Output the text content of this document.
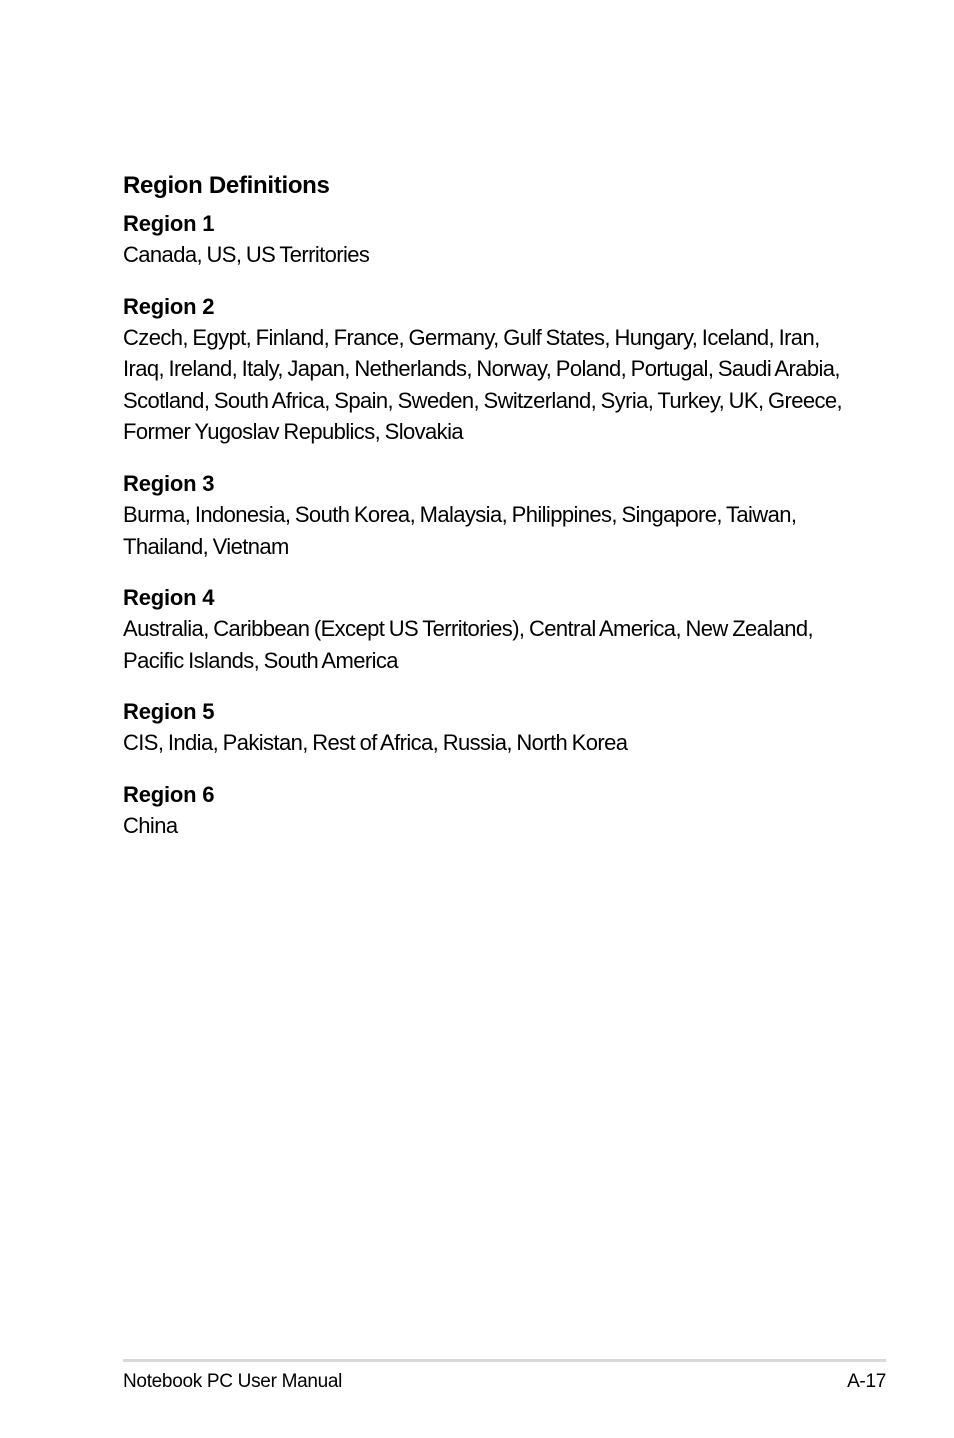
Region Definitions
Region 1

Canada, US, US Territories

Region 2

Czech, Egypt, Finland, France, Germany, Gulf States, Hungary, Iceland, Iran, Iraq, Ireland, Italy, Japan, Netherlands, Norway, Poland, Portugal, Saudi Arabia, Scotland, South Africa, Spain, Sweden, Switzerland, Syria, Turkey, UK, Greece, Former Yugoslav Republics, Slovakia

Region 3

Burma, Indonesia, South Korea, Malaysia, Philippines, Singapore, Taiwan, Thailand, Vietnam

Region 4

Australia, Caribbean (Except US Territories), Central America, New Zealand, Pacific Islands, South America

Region 5

CIS, India, Pakistan, Rest of Africa, Russia, North Korea

Region 6

China

Notebook PC User Manual	A-17
